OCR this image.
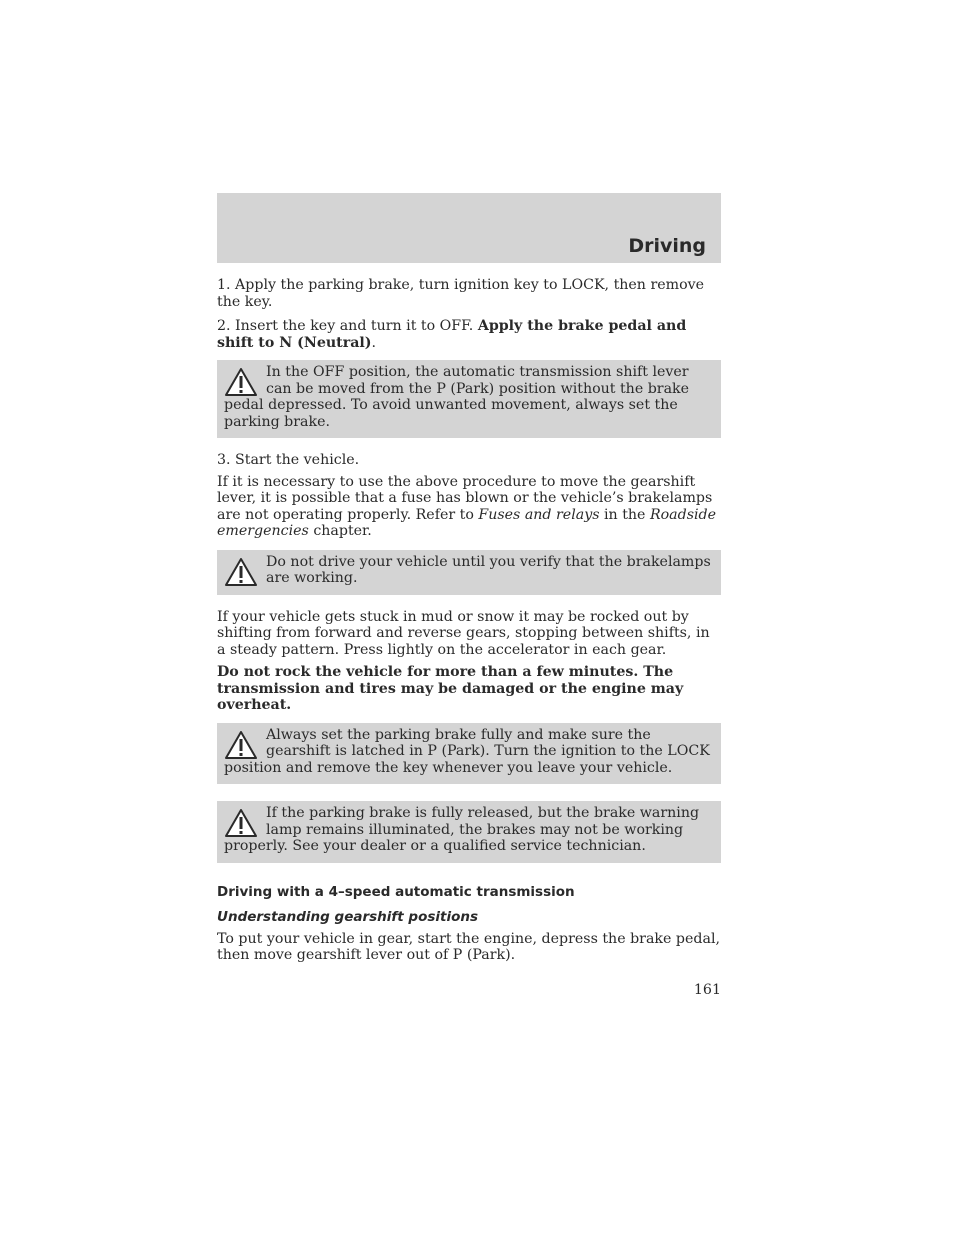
Driving

1. Apply the parking brake, turn ignition key to LOCK, then remove the key.

2. Insert the key and turn it to OFF. Apply the brake pedal and shift to N (Neutral).

In the OFF position, the automatic transmission shift lever can be moved from the P (Park) position without the brake pedal depressed. To avoid unwanted movement, always set the parking brake.

3. Start the vehicle.

If it is necessary to use the above procedure to move the gearshift lever, it is possible that a fuse has blown or the vehicle’s brakelamps are not operating properly. Refer to Fuses and relays in the Roadside emergencies chapter.

Do not drive your vehicle until you verify that the brakelamps are working.

If your vehicle gets stuck in mud or snow it may be rocked out by shifting from forward and reverse gears, stopping between shifts, in a steady pattern. Press lightly on the accelerator in each gear.

Do not rock the vehicle for more than a few minutes. The transmission and tires may be damaged or the engine may overheat.

Always set the parking brake fully and make sure the gearshift is latched in P (Park). Turn the ignition to the LOCK position and remove the key whenever you leave your vehicle.
If the parking brake is fully released, but the brake warning lamp remains illuminated, the brakes may not be working properly. See your dealer or a qualified service technician.
Driving with a 4–speed automatic transmission
Understanding gearshift positions

To put your vehicle in gear, start the engine, depress the brake pedal, then move gearshift lever out of P (Park).

161
